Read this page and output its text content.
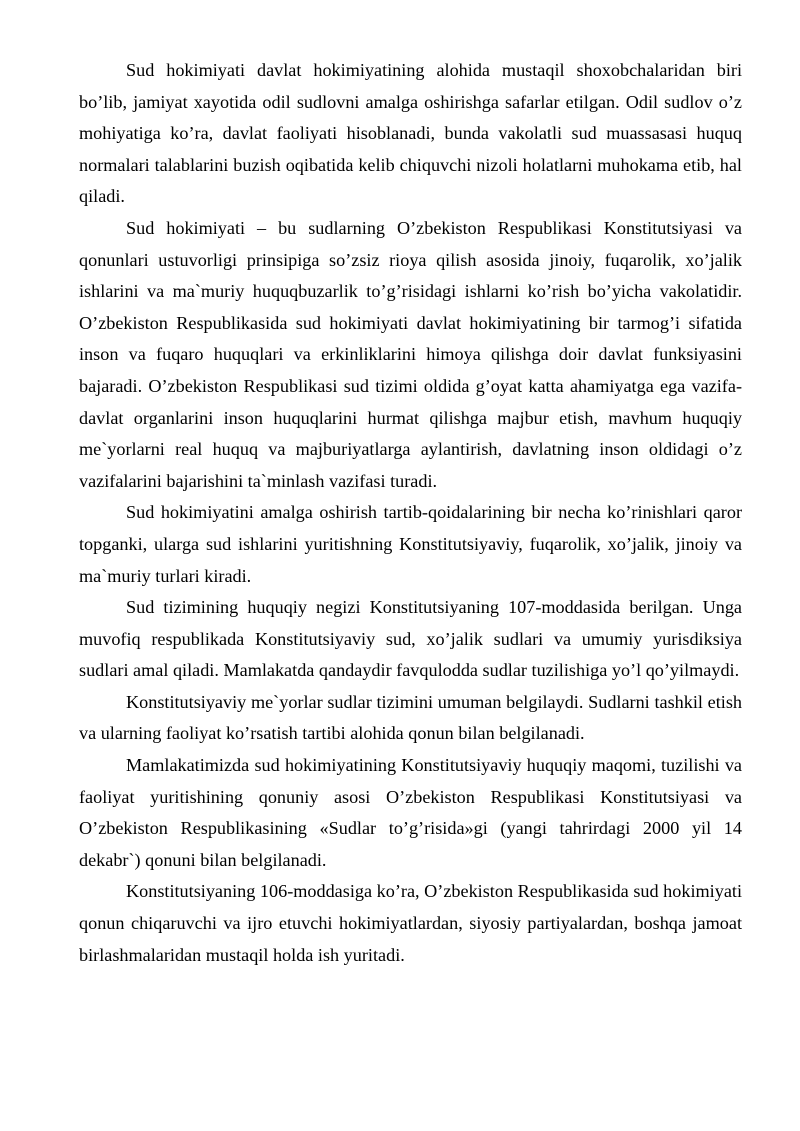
Sud hokimiyati davlat hokimiyatining alohida mustaqil shoxobchalaridan biri bo’lib, jamiyat xayotida odil sudlovni amalga oshirishga safarlar etilgan. Odil sudlov o’z mohiyatiga ko’ra, davlat faoliyati hisoblanadi, bunda vakolatli sud muassasasi huquq normalari talablarini buzish oqibatida kelib chiquvchi nizoli holatlarni muhokama etib, hal qiladi.

Sud hokimiyati – bu sudlarning O’zbekiston Respublikasi Konstitutsiyasi va qonunlari ustuvorligi prinsipiga so’zsiz rioya qilish asosida jinoiy, fuqarolik, xo’jalik ishlarini va ma`muriy huquqbuzarlik to’g’risidagi ishlarni ko’rish bo’yicha vakolatidir. O’zbekiston Respublikasida sud hokimiyati davlat hokimiyatining bir tarmog’i sifatida inson va fuqaro huquqlari va erkinliklarini himoya qilishga doir davlat funksiyasini bajaradi. O’zbekiston Respublikasi sud tizimi oldida g’oyat katta ahamiyatga ega vazifa-davlat organlarini inson huquqlarini hurmat qilishga majbur etish, mavhum huquqiy me`yorlarni real huquq va majburiyatlarga aylantirish, davlatning inson oldidagi o’z vazifalarini bajarishini ta`minlash vazifasi turadi.

Sud hokimiyatini amalga oshirish tartib-qoidalarining bir necha ko’rinishlari qaror topganki, ularga sud ishlarini yuritishning Konstitutsiyaviy, fuqarolik, xo’jalik, jinoiy va ma`muriy turlari kiradi.

Sud tizimining huquqiy negizi Konstitutsiyaning 107-moddasida berilgan. Unga muvofiq respublikada Konstitutsiyaviy sud, xo’jalik sudlari va umumiy yurisdiksiya sudlari amal qiladi. Mamlakatda qandaydir favqulodda sudlar tuzilishiga yo’l qo’yilmaydi.

Konstitutsiyaviy me`yorlar sudlar tizimini umuman belgilaydi. Sudlarni tashkil etish va ularning faoliyat ko’rsatish tartibi alohida qonun bilan belgilanadi.

Mamlakatimizda sud hokimiyatining Konstitutsiyaviy huquqiy maqomi, tuzilishi va faoliyat yuritishining qonuniy asosi O’zbekiston Respublikasi Konstitutsiyasi va O’zbekiston Respublikasining «Sudlar to’g’risida»gi (yangi tahrirdagi 2000 yil 14 dekabr`) qonuni bilan belgilanadi.

Konstitutsiyaning 106-moddasiga ko’ra, O’zbekiston Respublikasida sud hokimiyati qonun chiqaruvchi va ijro etuvchi hokimiyatlardan, siyosiy partiyalardan, boshqa jamoat birlashmalaridan mustaqil holda ish yuritadi.
